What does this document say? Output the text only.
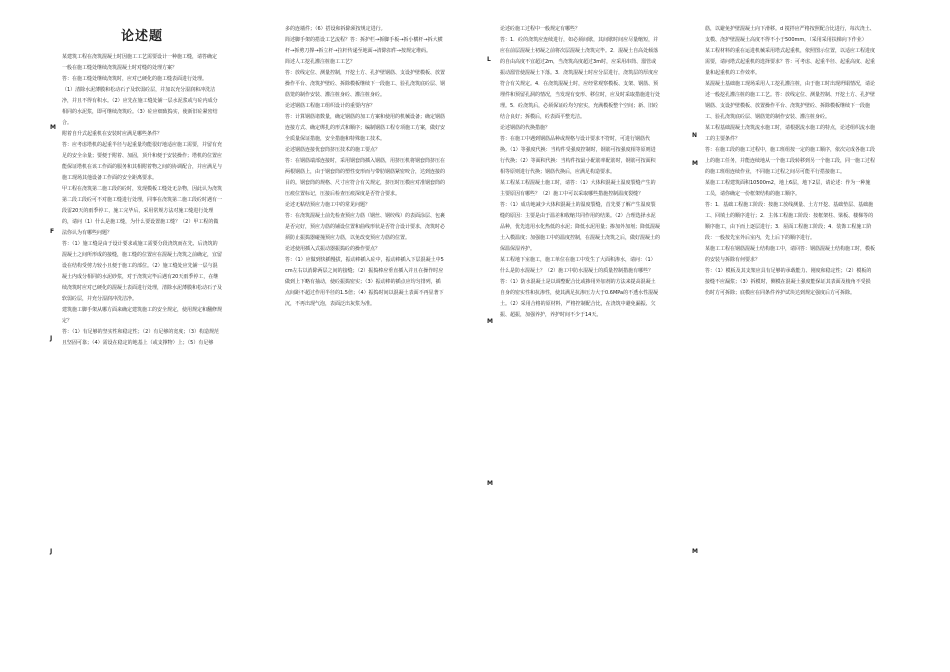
论述题

某建筑工程在浇筑混凝土时因施工工艺需要设计一种施工缝，请答确定

一般在施工缝处继续浇筑混凝土时对缝的处理方案？

答：在施工缝处继续浇筑时，应对已硬化的施工缝表面进行处理。

（1）清除水泥薄膜和松动石子及软弱砼层，并加以充分湿润和冲洗洁净，并且不得有积水。（2）应先在施工缝处铺一层水泥浆或与砼内成分相同的水泥浆，即可继续浇筑砼。（3）砼应细致捣实，使新旧砼紧密结合。

附着自升式起重机在安装时应满足哪些条件？

答：应考虑塔机的起重半径与起重量均能很好地适应施工需要，并留有充足的安全余量；要便于附着、加固，顶升和便于安装操作；塔机的位置应能保证塔机在该工作面的服务和其相附着物之间的协调配合，并应满足与施工现场其他设备工作面的安全距离要求。

甲工程在浇筑第二施工段的砼时，发现模板工缝处无杂物，因此认为浇筑第二段工段砼可不对施工缝进行处理，同事在浇筑第二施工段砼时遇有一段雷20天的雨季停工，施工完毕后，采用常规方法对施工缝进行处理的，请问（1）什么是施工缝，为什么要设置施工缝？（2）甲工程的做法你认为有哪些问题？

答：（1）施工缝是由于设计要求或施工需要分段浇筑而在先、后浇筑的混凝土之间所形成的接缝，施工缝的位置应在混凝土浇筑之前确定，宜留设在结构受剪力较小且便于施工的部位。（2）施工缝处应先铺一层与混凝土内成分相同的水泥砂浆，对于浇筑完毕后遇有20天雨季停工，在继续浇筑时应对已硬化的混凝土表面进行处理，清除水泥薄膜和松动石子及软弱砼层，并充分湿润冲洗洁净。

建筑施工脚手架从哪方面来确定建筑施工的安全规定，使用规定和翻修规定？

答：（1）有足够的坚实性和稳定性；（2）有足够的宽度；（3）构造规范且坚固可靠；（4）需设在稳定的地基上（或支撑物）上；（5）有足够

多的连墙件；（6）搭设和拆除须按规定进行。

简述脚手架的搭设工艺流程？答：拆护栏→拆脚手板→拆小横杆→拆大横杆→拆剪刀撑→拆立杆→拉杆传递至地面→清除扣件→按规定堆码。

简述人工挖孔灌注桩施工工艺？

答：放线定位、测量控制，开挖土方、孔护壁钢筋、支设护壁模板、放置操作平台、浇筑护壁砼、拆除模板继续下一段施工、验孔浇筑底砼层、钢筋笼的制作安装、灌注桩身砼、灌注桩身砼。

论述钢筋工程施工组织设计的重要内容？

答：计算钢筋诸数量，确定钢筋的加工方案和使用的机械设备；确定钢筋连接方式、确定绑扎的形式和顺序；编制钢筋工程专项施工方案，做好安全质量保证措施，安全措施和特殊施工技术。

论述钢筋连接优套筒挤压技术的施工要点？

答：在钢筋端部连接时，采用钢套筒插入钢筋，用挤压机将钢套筒挤压在两根钢筋上，由于钢套筒的塑性变形而与带肋钢筋紧密咬合，达到连接的目的。钢套筒的规格、尺寸应符合有关规定，挤压时压模应对准钢套筒的压痕位置标记，压接后检查压痕深度是否符合要求。

论述无粘结预应力施工中的常见问题？

答：在浇筑混凝土前先检查预应力筋（钢丝、钢绞线）的表面涂层、包裹是否完好，预应力筋的铺设位置和曲线形状是否符合设计要求，浇筑时必须防止振捣器碰撞预应力筋，以免改变预应力筋的位置。

论述使用插入式振动器振捣砼的操作要点？

答：（1）应做到快插慢拔，振动棒插入砼中，振动棒插入下层混凝土中5cm左右以消除两层之间的接缝；（2）振捣棒应垂直插入并且在操作时应做到上下略有抽动，使砼振捣密实；（3）振动棒的插点应均匀排列，插点间距不超过作用半径的1.5倍；（4）振捣时间以混凝土表面不再显著下沉，不再出现气泡，表面泛出灰浆为准。

论述砼施工过程中一般规定有哪些？

答：1．砼的浇筑应连续进行，如必须间歇，其间歇时间应尽量缩短，并应在前层混凝土初凝之前将次层混凝土浇筑完毕。2．混凝土自高处倾落的自由高度不宜超过2m，当浇筑高度超过3m时，应采用串筒、溜管或振动溜管使混凝土下落。3．浇筑混凝土时应分层进行，浇筑层的厚度应符合有关规定。4．在浇筑混凝土时，应经常观察模板、支架、钢筋、预埋件和预留孔洞的情况，当发现有变形、移位时，应及时采取措施进行处理。5．砼浇筑后，必须保证砼均匀密实，充满模板整个空间；新、旧砼结合良好；拆模后，砼表面平整光洁。

论述钢筋的代换措施？

答：在施工中遇到钢筋品种或规格与设计要求不符时，可进行钢筋代换。（1）等强度代换：当构件受强度控制时，钢筋可按强度相等原则进行代换；（2）等面积代换：当构件按最小配筋率配筋时，钢筋可按面积相等原则进行代换；钢筋代换后，应满足构造要求。

某工程某工程混凝土施工时，请答：（1）大体积混凝土温度裂缝产生的主要原因有哪些？（2）施工中可以采取哪些措施控制温度裂缝？

答：（1）成功地减少大体积混凝土的温度裂缝，首先要了解产生温度裂缝的原因：主要是由于温差和收缩共同作用的结果。（2）合理选择水泥品种，优先选用水化热低的水泥；降低水泥用量；掺加外加剂；降低混凝土入模温度；加强施工中的温度控制，在混凝土浇筑之后，做好混凝土的保温保湿养护。

某工程地下室施工，施工单位在施工中发生了大面积渗水，请问：（1）什么是防水混凝土？（2）施工中防水混凝土的质量控制措施有哪些？

答：（1）防水混凝土是以调整配合比或掺用外加剂的方法来提高混凝土自身的密实性和抗渗性，使其满足抗渗压力大于0.6MPa的不透水性混凝土。（2）采用合格的原材料，严格控制配合比，在浇筑中避免漏振、欠振、超振，加强养护，养护时间不少于14天。

筋，以避免护壁混凝土向下滑移。d 搅拌应严格按照配合比进行，每次浇土、支模、浇护壁混凝土高度不得不小于500mm。（采用采用扶梯向下作业）

某工程材料的重在运进机械采用塔式起重机，依照图示位置，以适应工程进度需要，请问塔式起重机的选择要求？答：可考虑、起重半径、起重高度、起重量和起重机的工作效率。

某混凝土基础施工现场采用人工挖孔灌注桩，由于施工时出现坍塌情况，请论述一般挖孔灌注桩的施工工艺。答：放线定位、测量控制、开挖土方、孔护壁钢筋、支设护壁模板、放置操作平台、浇筑护壁砼、拆除模板继续下一段施工、验孔浇筑底砼层、钢筋笼的制作安装、灌注桩身砼。

某工程基础混凝土浇筑流水施工时，请根据流水施工的特点，论述组织流水施工的主要条件？

答：在施工段的施工过程中，施工班组按一定的施工顺序，依次完成各施工段上的施工任务，并能连续地从一个施工段转移到另一个施工段，同一施工过程的施工班组连续作业，不同施工过程之间尽可能平行搭接施工。

某施工工程建筑面积10500m2，地上6层，地下2层，请论述：作为一种施工员，请你确定一份框架结构的施工顺序。

答：1．基础工程施工阶段：按施工放线测量、土方开挖、基础垫层、基础施工、回填土的顺序进行；2．主体工程施工阶段：按框架柱、梁板、楼梯等的顺序施工，由下而上逐层进行；3．屋面工程施工阶段；4．装饰工程施工阶段：一般按先室外后室内，先上后下的顺序进行。

某施工工程在钢筋混凝土结构施工中，请回答：钢筋混凝土结构施工时，模板的安装与拆除有何要求？

答：（1）模板及其支架应具有足够的承载能力、刚度和稳定性；（2）模板的接缝不应漏浆；（3）拆模时，侧模在混凝土强度能保证其表面及棱角不受损伤时方可拆除；底模应在同条件养护试块达到规定强度后方可拆除。

M
F
J
J
L
M
M
N
M
M
